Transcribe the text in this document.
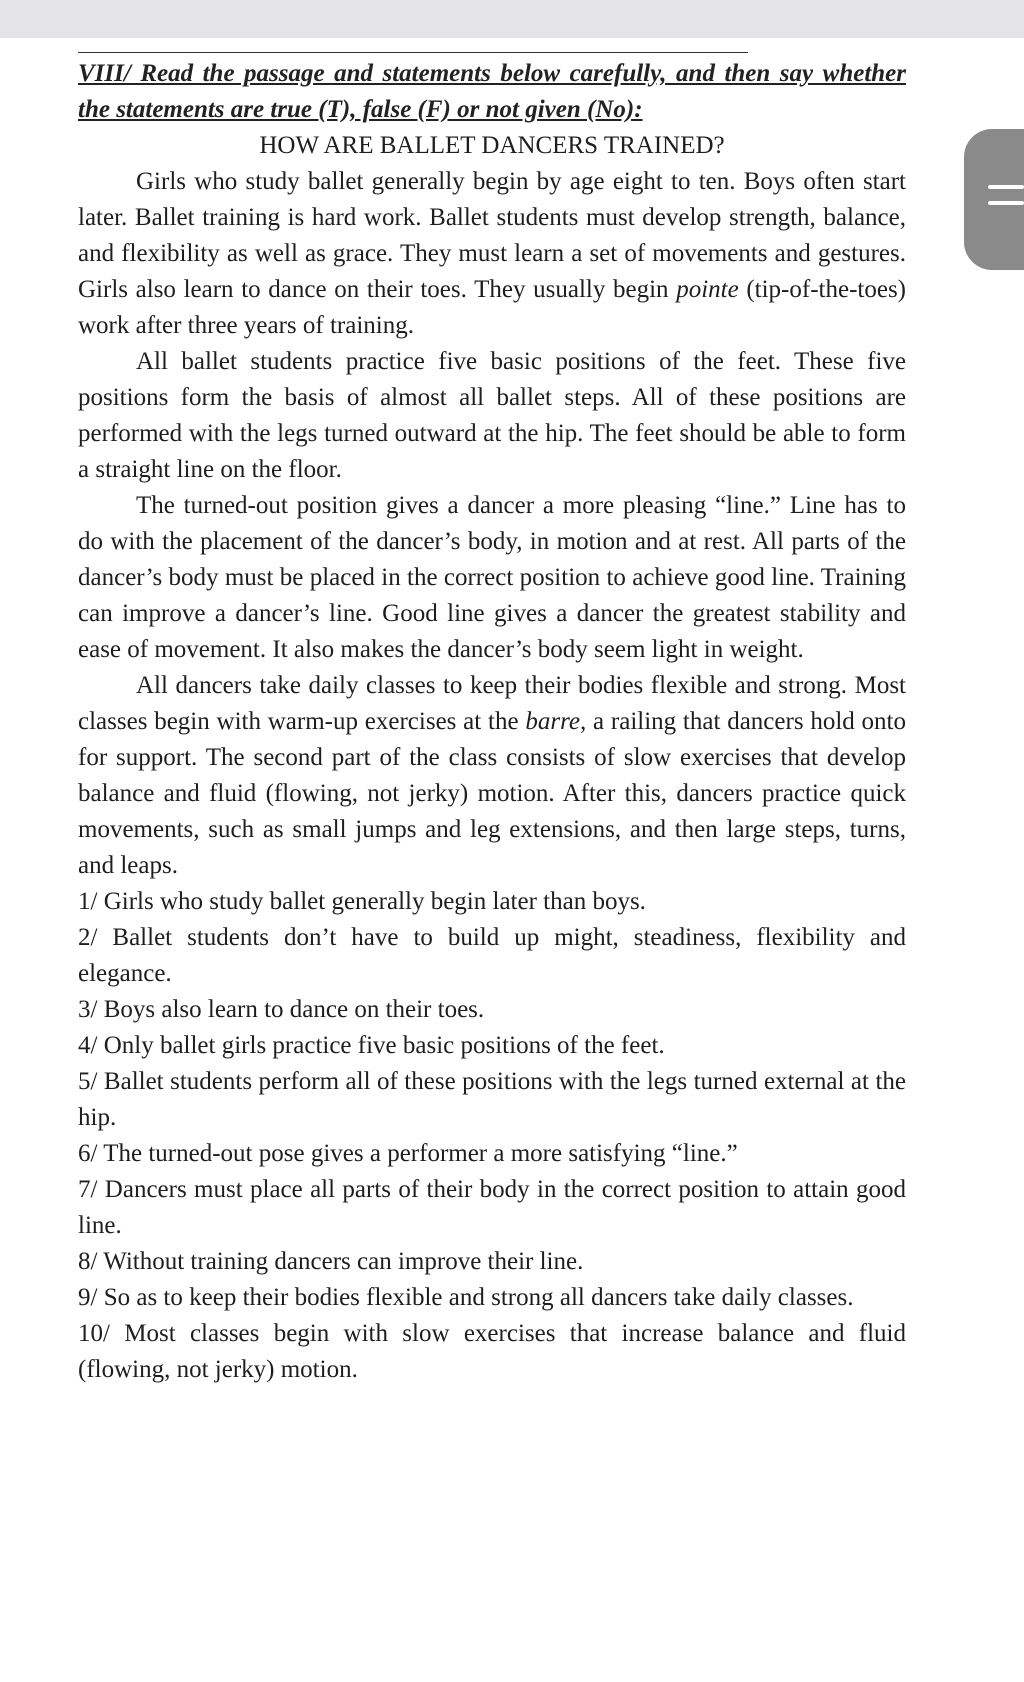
VIII/ Read the passage and statements below carefully, and then say whether the statements are true (T), false (F) or not given (No):

HOW ARE BALLET DANCERS TRAINED?

Girls who study ballet generally begin by age eight to ten. Boys often start later. Ballet training is hard work. Ballet students must develop strength, balance, and flexibility as well as grace. They must learn a set of movements and gestures. Girls also learn to dance on their toes. They usually begin pointe (tip-of-the-toes) work after three years of training.

All ballet students practice five basic positions of the feet. These five positions form the basis of almost all ballet steps. All of these positions are performed with the legs turned outward at the hip. The feet should be able to form a straight line on the floor.

The turned-out position gives a dancer a more pleasing “line.” Line has to do with the placement of the dancer’s body, in motion and at rest. All parts of the dancer’s body must be placed in the correct position to achieve good line. Training can improve a dancer’s line. Good line gives a dancer the greatest stability and ease of movement. It also makes the dancer’s body seem light in weight.

All dancers take daily classes to keep their bodies flexible and strong. Most classes begin with warm-up exercises at the barre, a railing that dancers hold onto for support. The second part of the class consists of slow exercises that develop balance and fluid (flowing, not jerky) motion. After this, dancers practice quick movements, such as small jumps and leg extensions, and then large steps, turns, and leaps.

1/ Girls who study ballet generally begin later than boys.

2/ Ballet students don’t have to build up might, steadiness, flexibility and elegance.

3/ Boys also learn to dance on their toes.

4/ Only ballet girls practice five basic positions of the feet.

5/ Ballet students perform all of these positions with the legs turned external at the hip.

6/ The turned-out pose gives a performer a more satisfying “line.”

7/ Dancers must place all parts of their body in the correct position to attain good line.

8/ Without training dancers can improve their line.

9/ So as to keep their bodies flexible and strong all dancers take daily classes.

10/ Most classes begin with slow exercises that increase balance and fluid (flowing, not jerky) motion.
